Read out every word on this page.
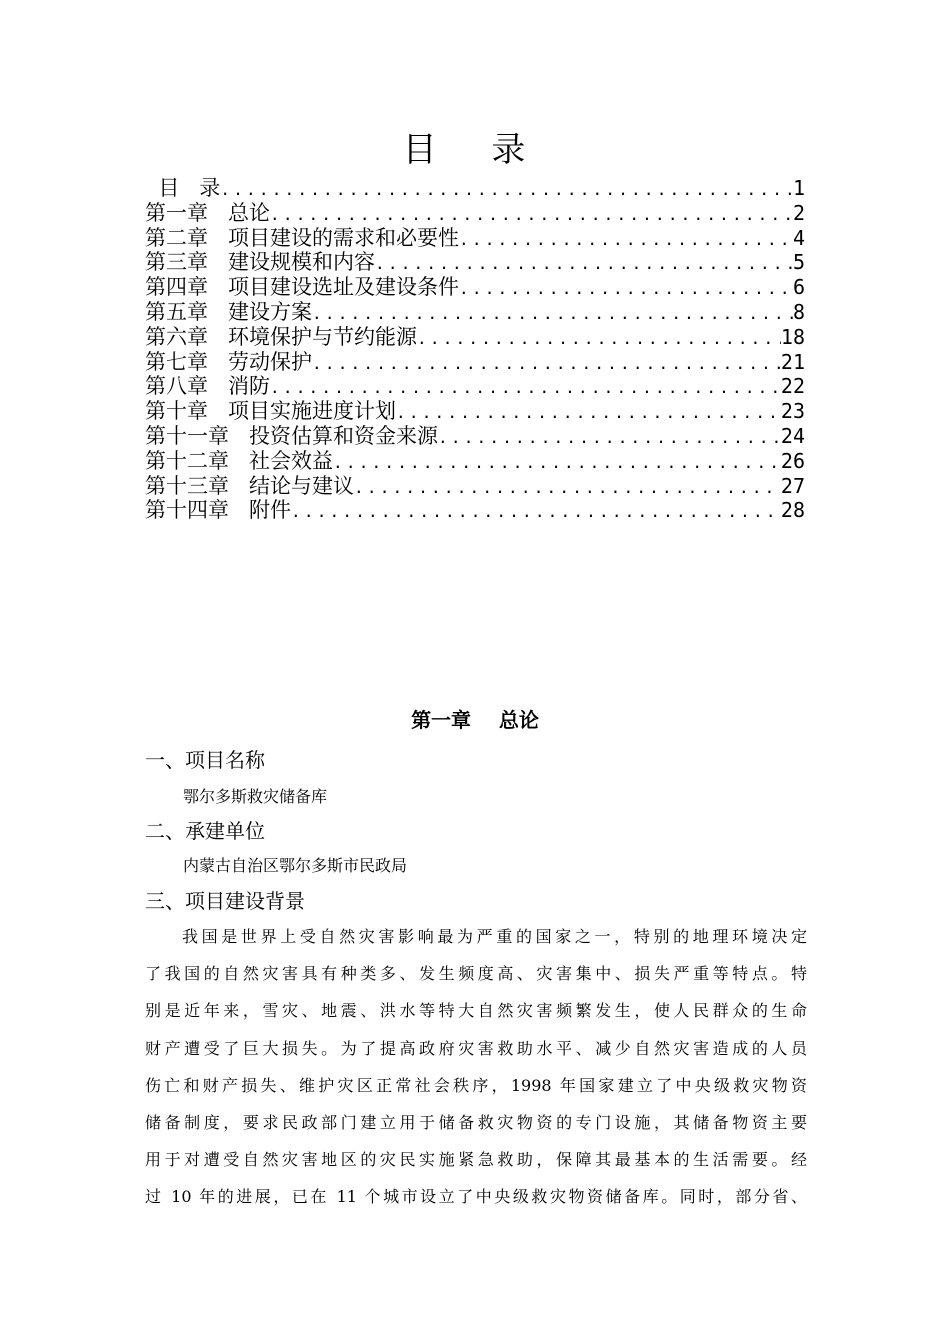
目 录
目   录 .....	1
第一章 总论 .....	2
第二章 项目建设的需求和必要性 .....	4
第三章 建设规模和内容 .....	5
第四章 项目建设选址及建设条件 .....	6
第五章 建设方案 .....	8
第六章 环境保护与节约能源 .....	18
第七章 劳动保护 .....	21
第八章 消防 .....	22
第十章 项目实施进度计划 .....	23
第十一章 投资估算和资金来源 .....	24
第十二章 社会效益 .....	26
第十三章 结论与建议 .....	27
第十四章 附件 .....	28
第一章    总论
一、项目名称
鄂尔多斯救灾储备库
二、承建单位
内蒙古自治区鄂尔多斯市民政局
三、项目建设背景
我国是世界上受自然灾害影响最为严重的国家之一，特别的地理环境决定
了我国的自然灾害具有种类多、发生频度高、灾害集中、损失严重等特点。特
别是近年来，雪灾、地震、洪水等特大自然灾害频繁发生，使人民群众的生命
财产遭受了巨大损失。为了提高政府灾害救助水平、减少自然灾害造成的人员
伤亡和财产损失、维护灾区正常社会秩序，1998 年国家建立了中央级救灾物资
储备制度，要求民政部门建立用于储备救灾物资的专门设施，其储备物资主要
用于对遭受自然灾害地区的灾民实施紧急救助，保障其最基本的生活需要。经
过 10 年的进展，已在 11 个城市设立了中央级救灾物资储备库。同时，部分省、
